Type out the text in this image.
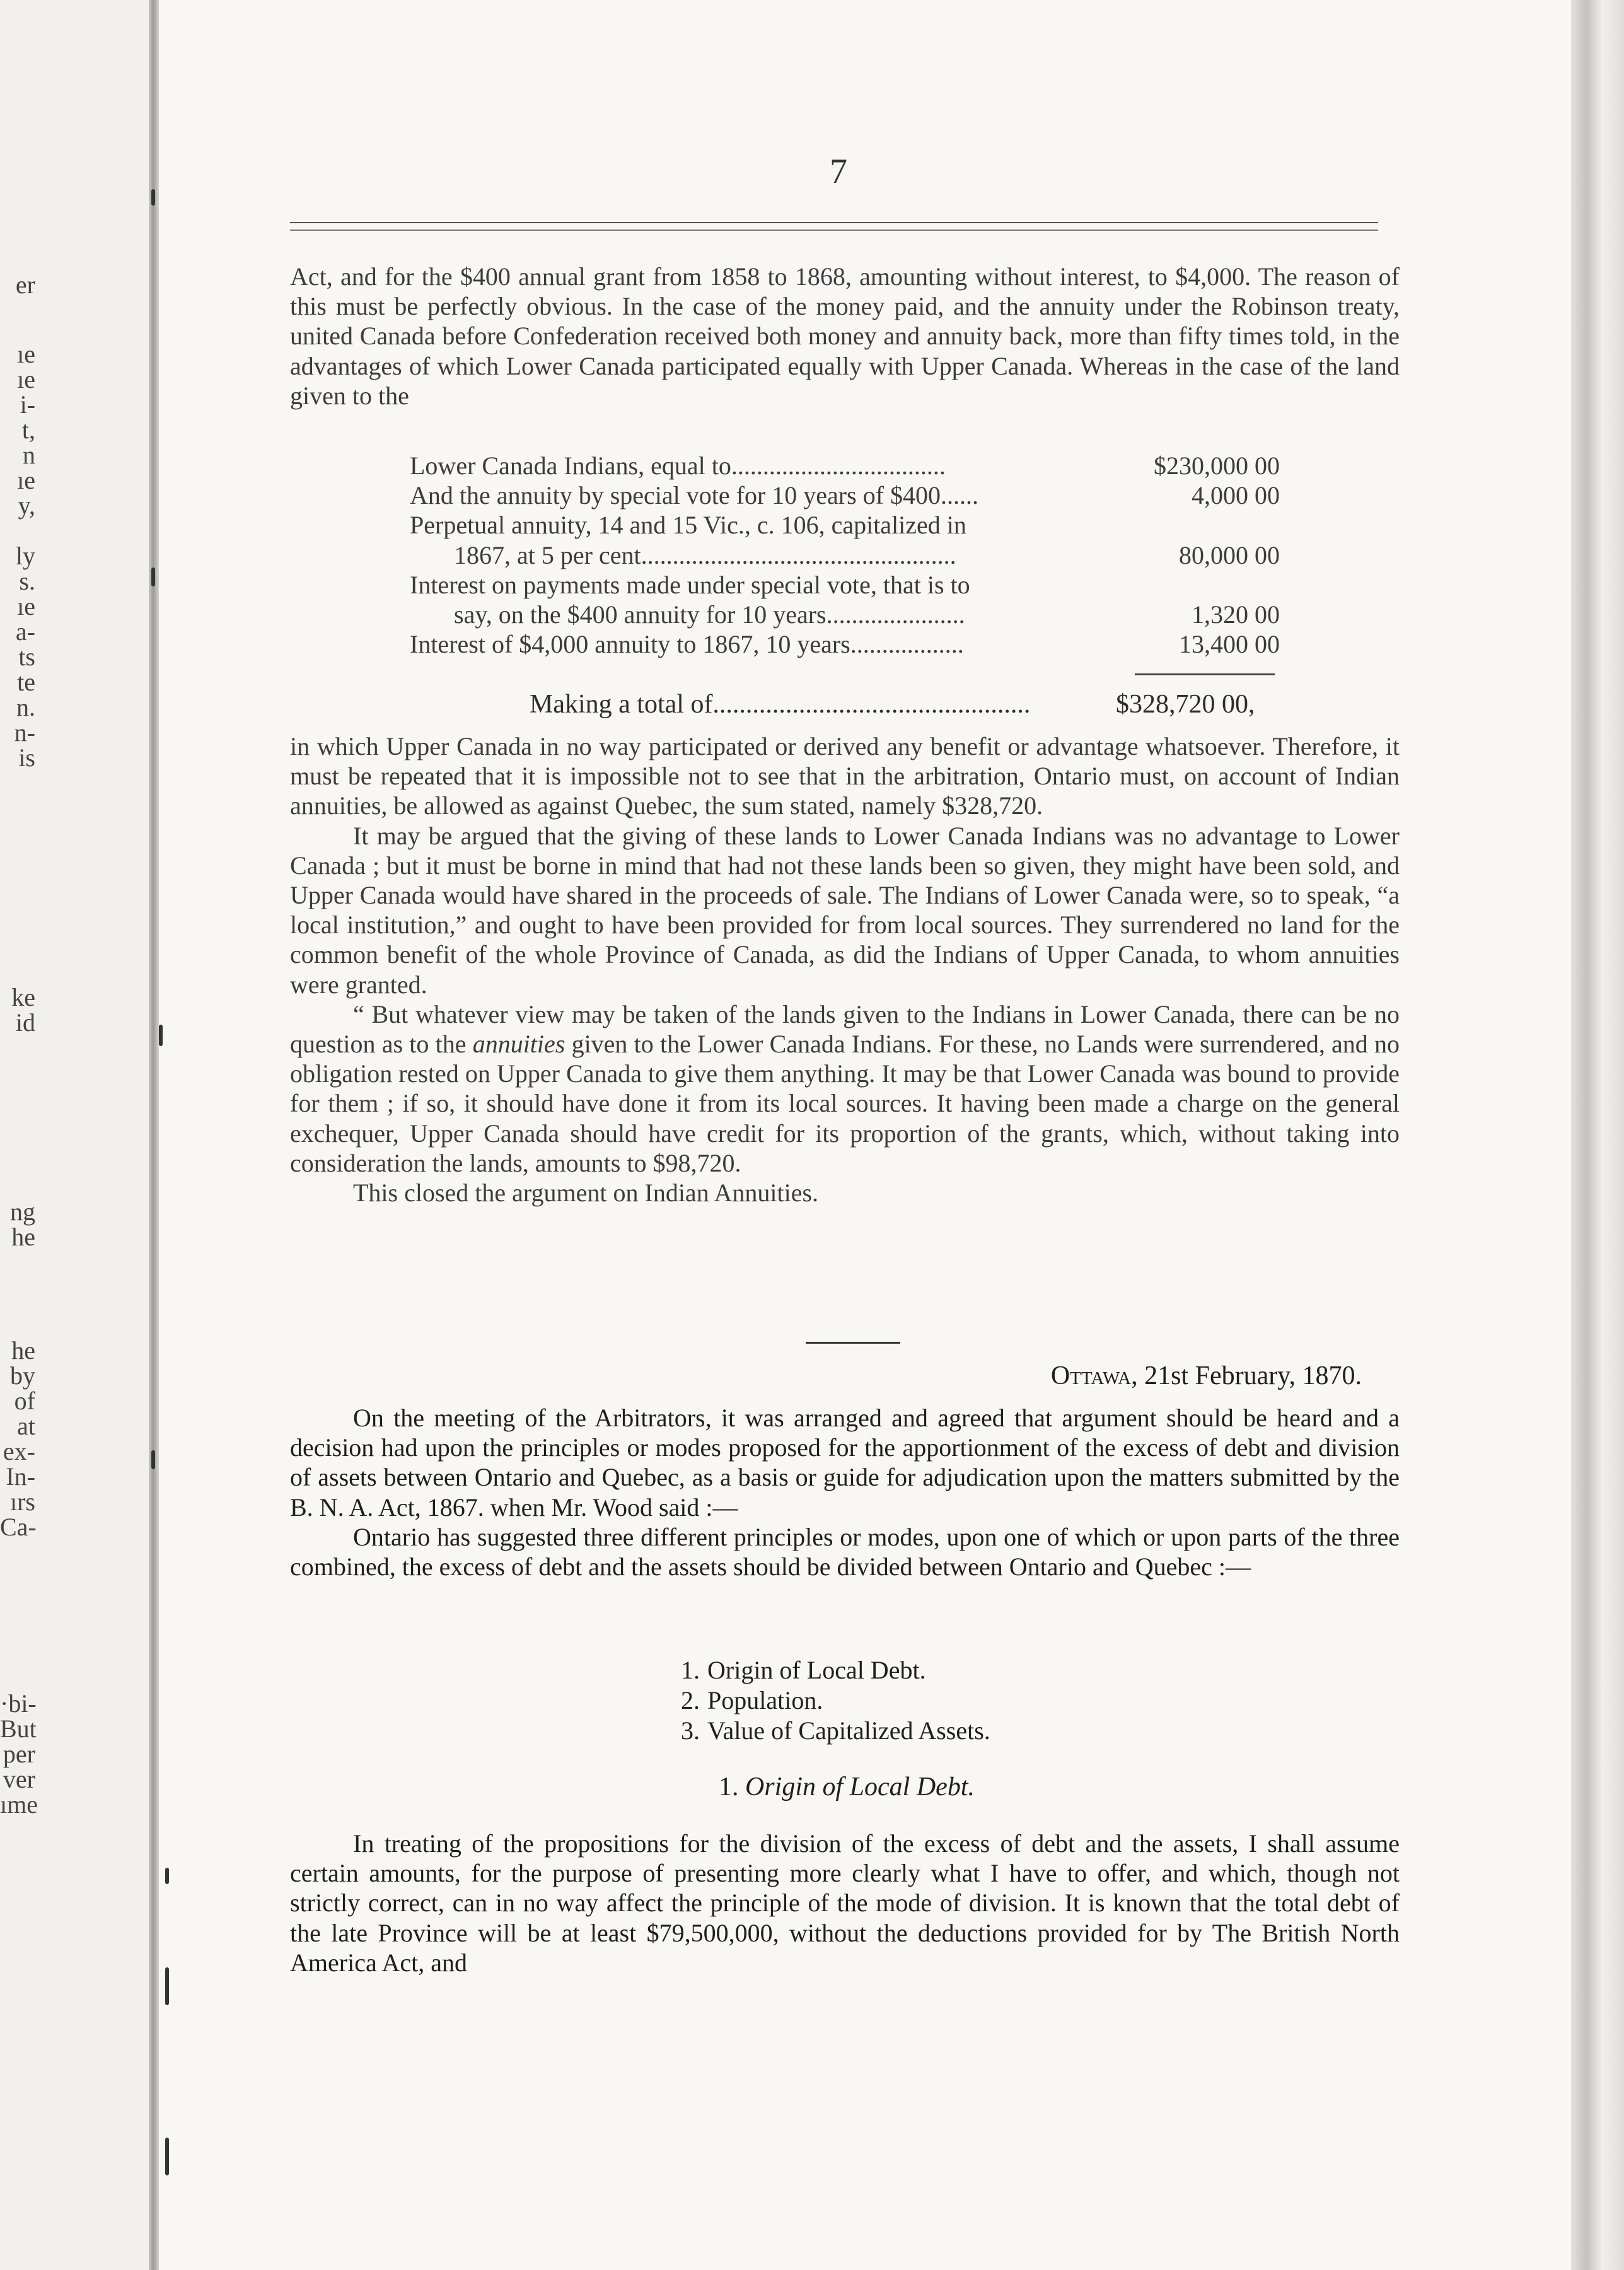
er
ıe
ıe
i-
t,
n
ıe
y,
ly
s.
ıe
a-
ts
te
n.
n-
is
ke
id
ng
he
he
by
of
at
ex-
In-
ırs
Ca-
·bi-
But
per
ver
ıme
7

Act, and for the $400 annual grant from 1858 to 1868, amounting without interest, to $4,000. The reason of this must be perfectly obvious. In the case of the money paid, and the annuity under the Robinson treaty, united Canada before Confederation received both money and annuity back, more than fifty times told, in the advantages of which Lower Canada participated equally with Upper Canada. Whereas in the case of the land given to the

Lower Canada Indians, equal to..................................	$230,000 00
And the annuity by special vote for 10 years of $400......	4,000 00
Perpetual annuity, 14 and 15 Vic., c. 106, capitalized in
1867, at 5 per cent..................................................	80,000 00
Interest on payments made under special vote, that is to
say, on the $400 annuity for 10 years......................	1,320 00
Interest of $4,000 annuity to 1867, 10 years..................	13,400 00
Making a total of................................................	$328,720 00,

in which Upper Canada in no way participated or derived any benefit or advantage whatsoever. Therefore, it must be repeated that it is impossible not to see that in the arbitration, Ontario must, on account of Indian annuities, be allowed as against Quebec, the sum stated, namely $328,720.

It may be argued that the giving of these lands to Lower Canada Indians was no advantage to Lower Canada ; but it must be borne in mind that had not these lands been so given, they might have been sold, and Upper Canada would have shared in the proceeds of sale. The Indians of Lower Canada were, so to speak, “a local institution,” and ought to have been provided for from local sources. They surrendered no land for the common benefit of the whole Province of Canada, as did the Indians of Upper Canada, to whom annuities were granted.

“ But whatever view may be taken of the lands given to the Indians in Lower Canada, there can be no question as to the annuities given to the Lower Canada Indians. For these, no Lands were surrendered, and no obligation rested on Upper Canada to give them anything. It may be that Lower Canada was bound to provide for them ; if so, it should have done it from its local sources. It having been made a charge on the general exchequer, Upper Canada should have credit for its proportion of the grants, which, without taking into consideration the lands, amounts to $98,720.

This closed the argument on Indian Annuities.

Ottawa, 21st February, 1870.

On the meeting of the Arbitrators, it was arranged and agreed that argument should be heard and a decision had upon the principles or modes proposed for the apportionment of the excess of debt and division of assets between Ontario and Quebec, as a basis or guide for adjudication upon the matters submitted by the B. N. A. Act, 1867. when Mr. Wood said :—

Ontario has suggested three different principles or modes, upon one of which or upon parts of the three combined, the excess of debt and the assets should be divided between Ontario and Quebec :—

1. Origin of Local Debt.
2. Population.
3. Value of Capitalized Assets.
1. Origin of Local Debt.

In treating of the propositions for the division of the excess of debt and the assets, I shall assume certain amounts, for the purpose of presenting more clearly what I have to offer, and which, though not strictly correct, can in no way affect the principle of the mode of division. It is known that the total debt of the late Province will be at least $79,500,000, without the deductions provided for by The British North America Act, and
